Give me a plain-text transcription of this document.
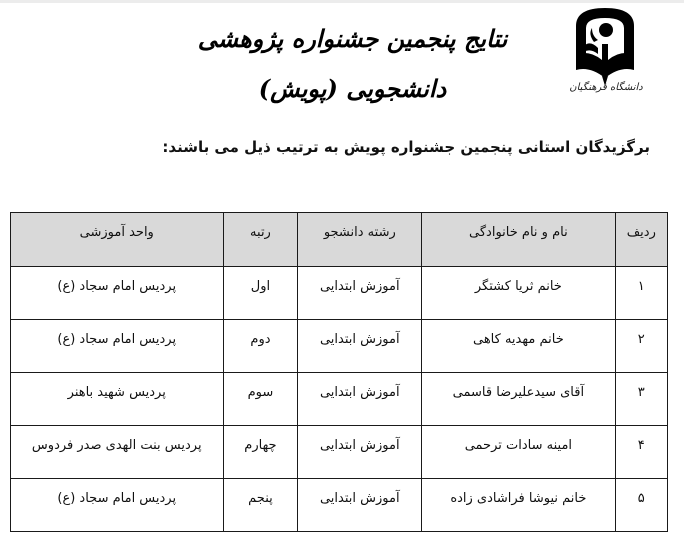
دانشگاه فرهنگیان
نتایج پنجمین جشنواره پژوهشی دانشجویی (پویش)
برگزیدگان استانی پنجمین جشنواره پویش به ترتیب ذیل می باشند:
ردیف	نام و نام خانوادگی	رشته دانشجو	رتبه	واحد آموزشی
۱	خانم ثریا کشتگر	آموزش ابتدایی	اول	پردیس امام سجاد (ع)
۲	خانم مهدیه کاهی	آموزش ابتدایی	دوم	پردیس امام سجاد (ع)
۳	آقای سیدعلیرضا قاسمی	آموزش ابتدایی	سوم	پردیس شهید باهنر
۴	امینه سادات ترحمی	آموزش ابتدایی	چهارم	پردیس بنت الهدی صدر فردوس
۵	خانم نیوشا فراشادی زاده	آموزش ابتدایی	پنجم	پردیس امام سجاد (ع)
